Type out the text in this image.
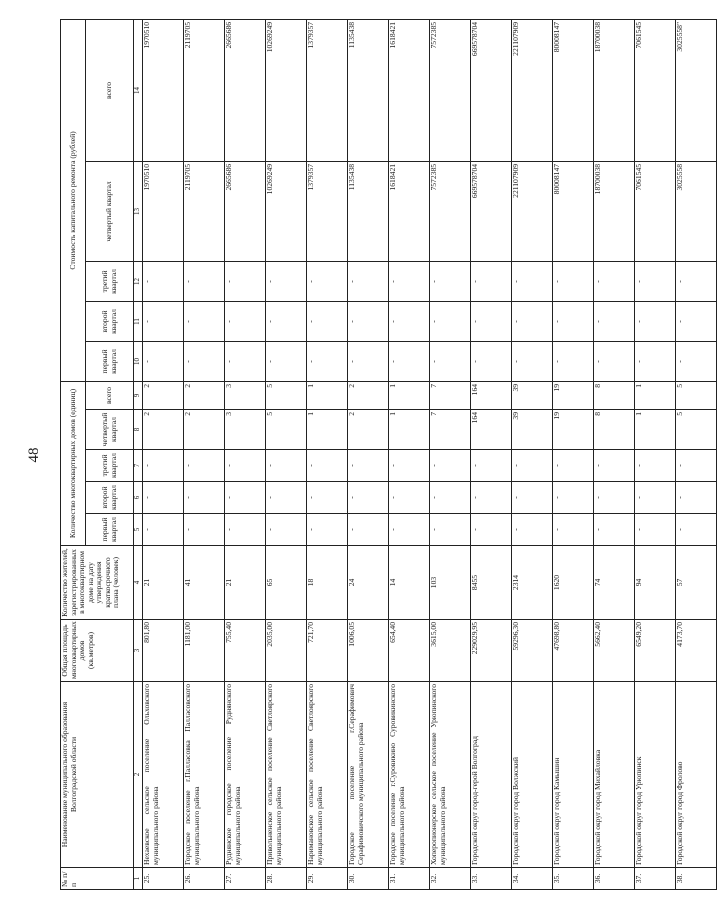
48
№ п/п	Наименование муниципального образования Волгоградской области	Общая площадь многоквартирных домов (кв.метров)	Количество жителей, зарегистрированных в многоквартирном доме на дату утверждения краткосрочного плана (человек)	Количество многоквартирных домов (единиц)					Стоимость капитального ремонта (рублей)				
				первый квартал	второй квартал	третий квартал	четвертый квартал	всего	первый квартал	второй квартал	третий квартал	четвертый квартал	всего
1	2	3	4	5	6	7	8	9	10	11	12	13	14
25.	Нехаевское сельское поселение Ольховского муниципального района	801,80	21	-	-	-	2	2	-	-	-	1970510	1970510
26.	Городское поселение г.Палласовка Палласовского муниципального района	1181,00	41	-	-	-	2	2	-	-	-	2119705	2119705
27.	Руднянское городское поселение Руднянского муниципального района	755,40	21	-	-	-	3	3	-	-	-	2665686	2665686
28.	Привольненское сельское поселение Светлоярского муниципального района	2035,00	65	-	-	-	5	5	-	-	-	10269249	10269249
29.	Наримановское сельское поселение Светлоярского муниципального района	721,70	18	-	-	-	1	1	-	-	-	1379357	1379357
30.	Городское поселение г.Серафимович Серафимовичского муниципального района	1006,05	24	-	-	-	2	2	-	-	-	1135438	1135438
31.	Городское поселение г.Суровикино Суровикинского муниципального района	654,40	14	-	-	-	1	1	-	-	-	1618421	1618421
32.	Хоперопионерское сельское поселение Урюпинского муниципального района	3615,00	103	-	-	-	7	7	-	-	-	7572385	7572385
33.	Городской округ город-герой Волгоград	229029,95	8455	-	-	-	164	164	-	-	-	669578704	669578704
34.	Городской округ город Волжский	59296,30	2314	-	-	-	39	39	-	-	-	221107909	221107909
35.	Городской округ город Камышин	47698,80	1620	-	-	-	19	19	-	-	-	80008147	80008147
36.	Городской округ город Михайловка	5662,40	74	-	-	-	8	8	-	-	-	18700038	18700038
37.	Городской округ город Урюпинск	6549,20	94	-	-	-	1	1	-	-	-	7061545	7061545
38.	Городской округ город Фролово	4173,70	57	-	-	-	5	5	-	-	-	3025558	3025558"
